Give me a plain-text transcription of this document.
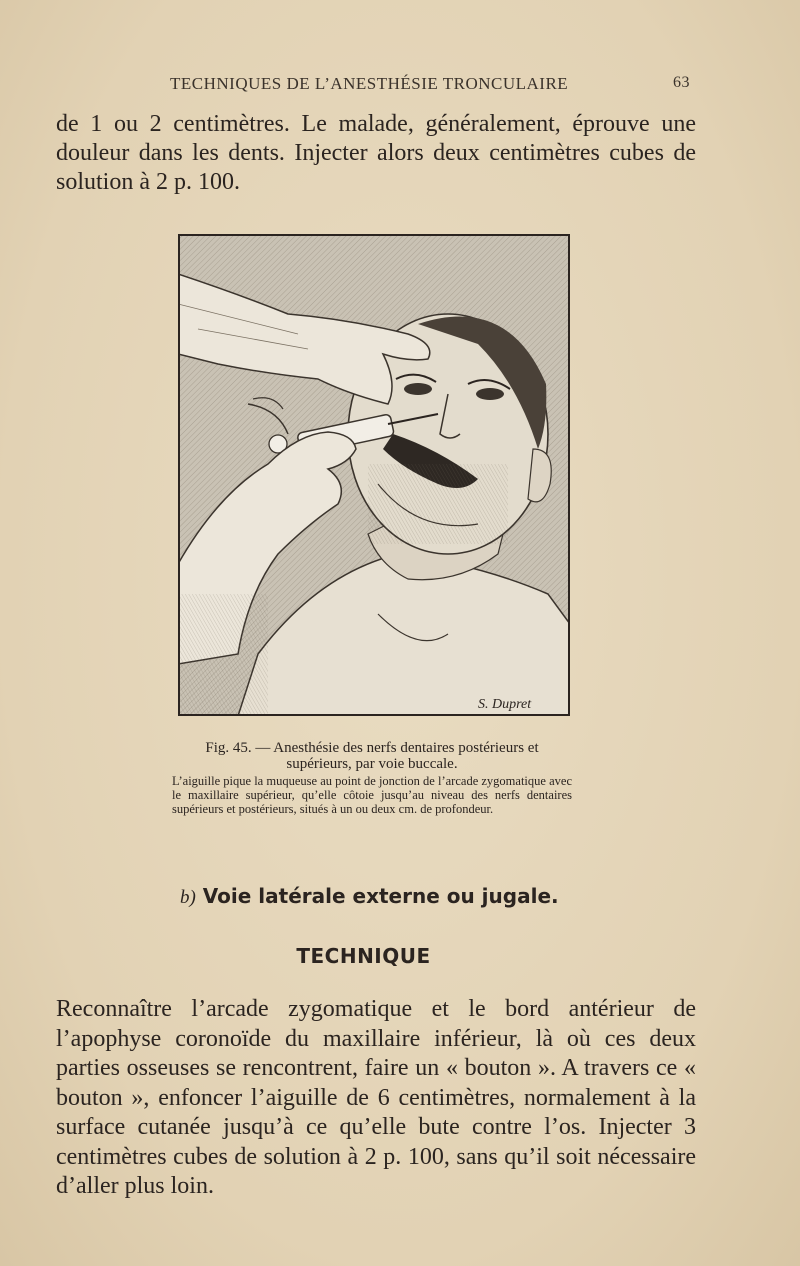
TECHNIQUES DE L’ANESTHÉSIE TRONCULAIRE	63

de 1 ou 2 centimètres. Le malade, généralement, éprouve une douleur dans les dents. Injecter alors deux centimètres cubes de solution à 2 p. 100.

S. Dupret
Fig. 45. — Anesthésie des nerfs dentaires postérieurs et supérieurs, par voie buccale.
L’aiguille pique la muqueuse au point de jonction de l’arcade zygomatique avec le maxillaire supérieur, qu’elle côtoie jusqu’au niveau des nerfs dentaires supérieurs et postérieurs, situés à un ou deux cm. de profondeur.
b) Voie latérale externe ou jugale.
TECHNIQUE

Reconnaître l’arcade zygomatique et le bord antérieur de l’apophyse coronoïde du maxillaire inférieur, là où ces deux parties osseuses se rencontrent, faire un « bouton ». A travers ce « bouton », enfoncer l’aiguille de 6 centimètres, normalement à la surface cutanée jusqu’à ce qu’elle bute contre l’os. Injecter 3 centimètres cubes de solution à 2 p. 100, sans qu’il soit nécessaire d’aller plus loin.
